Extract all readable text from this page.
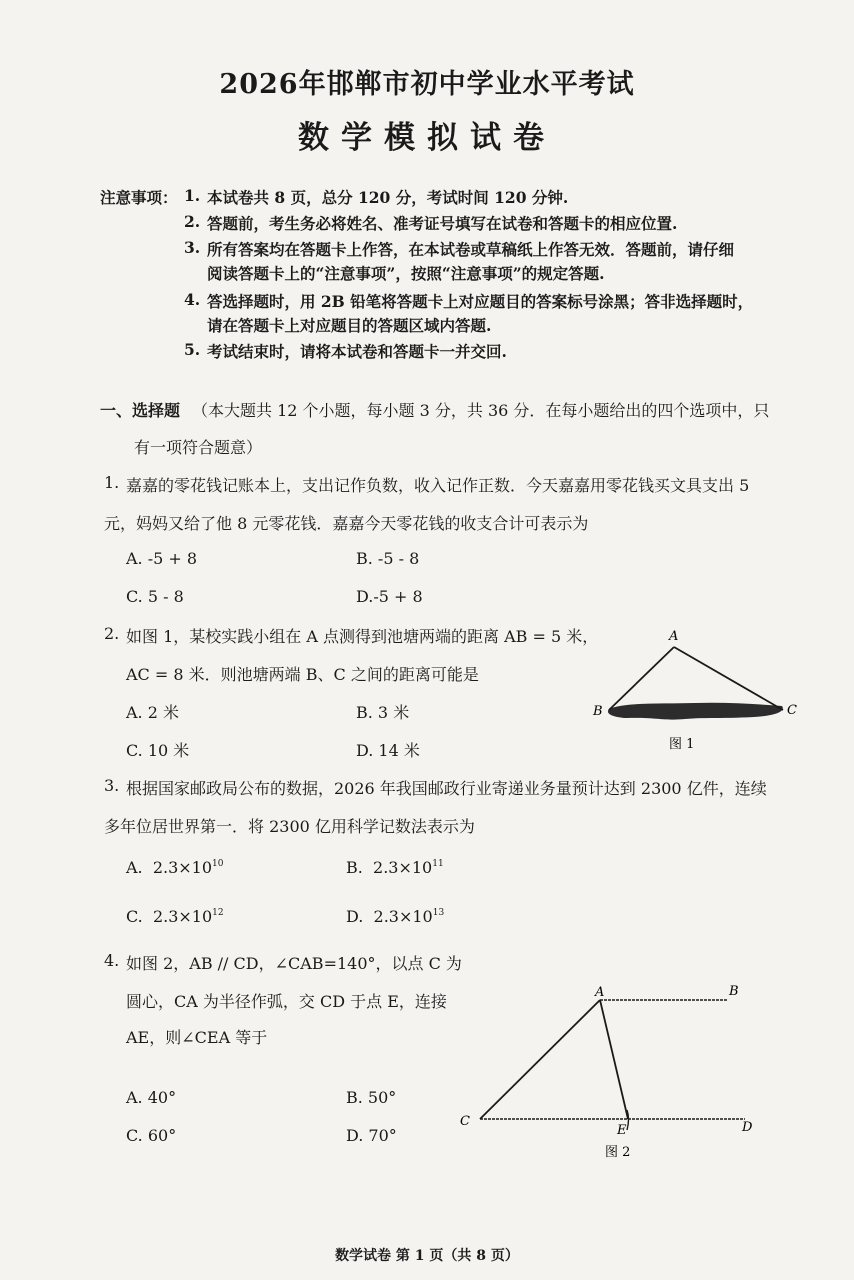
2026年邯郸市初中学业水平考试
数学模拟试卷
注意事项： 1. 本试卷共 8 页，总分 120 分，考试时间 120 分钟.
2. 答题前，考生务必将姓名、准考证号填写在试卷和答题卡的相应位置.
3. 所有答案均在答题卡上作答，在本试卷或草稿纸上作答无效．答题前，请仔细
阅读答题卡上的“注意事项”，按照“注意事项”的规定答题.
4. 答选择题时，用 2B 铅笔将答题卡上对应题目的答案标号涂黑；答非选择题时，
请在答题卡上对应题目的答题区域内答题.
5. 考试结束时，请将本试卷和答题卡一并交回.
一、选择题 （本大题共 12 个小题，每小题 3 分，共 36 分．在每小题给出的四个选项中，只
有一项符合题意）
1. 嘉嘉的零花钱记账本上，支出记作负数，收入记作正数．今天嘉嘉用零花钱买文具支出 5
元，妈妈又给了他 8 元零花钱．嘉嘉今天零花钱的收支合计可表示为
A. -5 + 8	B. -5 - 8
C. 5 - 8	D.-5 + 8
2. 如图 1，某校实践小组在 A 点测得到池塘两端的距离 AB = 5 米，
AC = 8 米．则池塘两端 B、C 之间的距离可能是
A. 2 米	B. 3 米
C. 10 米	D. 14 米
A
B	C
图 1
3. 根据国家邮政局公布的数据，2026 年我国邮政行业寄递业务量预计达到 2300 亿件，连续
多年位居世界第一．将 2300 亿用科学记数法表示为
A. $2.3\times 10^{10}$	B. $2.3\times 10^{11}$
C. $2.3\times 10^{12}$	D. $2.3\times 10^{13}$
4. 如图 2，AB // CD，∠CAB=140°，以点 C 为
圆心，CA 为半径作弧，交 CD 于点 E，连接
AE，则∠CEA 等于
A. 40°	B. 50°
C. 60°	D. 70°
A	B
C
E	D
图 2
数学试卷 第 1 页（共 8 页）
